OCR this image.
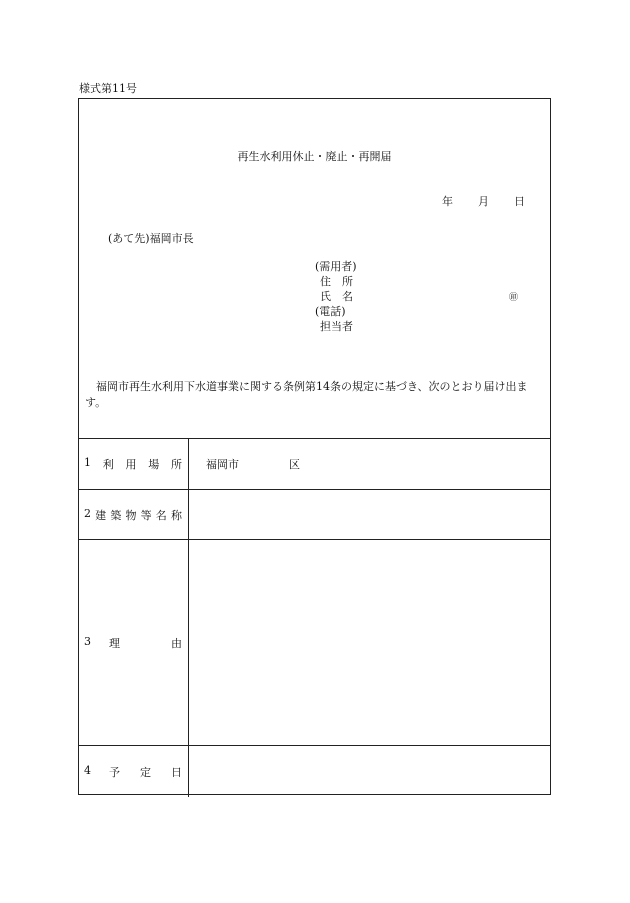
様式第11号
再生水利用休止・廃止・再開届
年 月 日
(あて先)福岡市長
(需用者)
住　所
氏　名
(電話)
担当者
㊞
福岡市再生水利用下水道事業に関する条例第14条の規定に基づき、次のとおり届け出ます。
1 利 用 場 所 福岡市	区
2 建 築 物 等 名 称
3 理	由
4 予 定 日
